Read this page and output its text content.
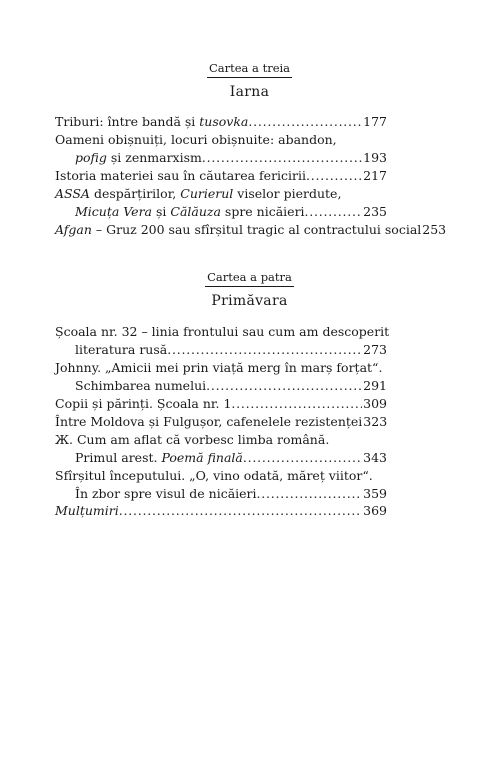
Cartea a treia
Iarna
Triburi: între bandă și tusovka . . .	177
Oameni obișnuiți, locuri obișnuite: abandon,
pofig și zenmarxism . . .	193
Istoria materiei sau în căutarea fericirii . . .	217
ASSA despărțirilor, Curierul viselor pierdute,
Micuța Vera și Călăuza spre nicăieri . . .	235
Afgan – Gruz 200 sau sfîrșitul tragic al contractului social 253
Cartea a patra
Primăvara
Școala nr. 32 – linia frontului sau cum am descoperit
literatura rusă . . .	273
Johnny. „Amicii mei prin viață merg în marș forțat“.
Schimbarea numelui . . .	291
Copii și părinți. Școala nr. 1 . . .	309
Între Moldova și Fulgușor, cafenelele rezistenței 323
Ж. Cum am aflat că vorbesc limba română.
Primul arest. Poemă finală . . .	343
Sfîrșitul începutului. „O, vino odată, măreț viitor“.
În zbor spre visul de nicăieri . . .	359
Mulțumiri . . .	369
